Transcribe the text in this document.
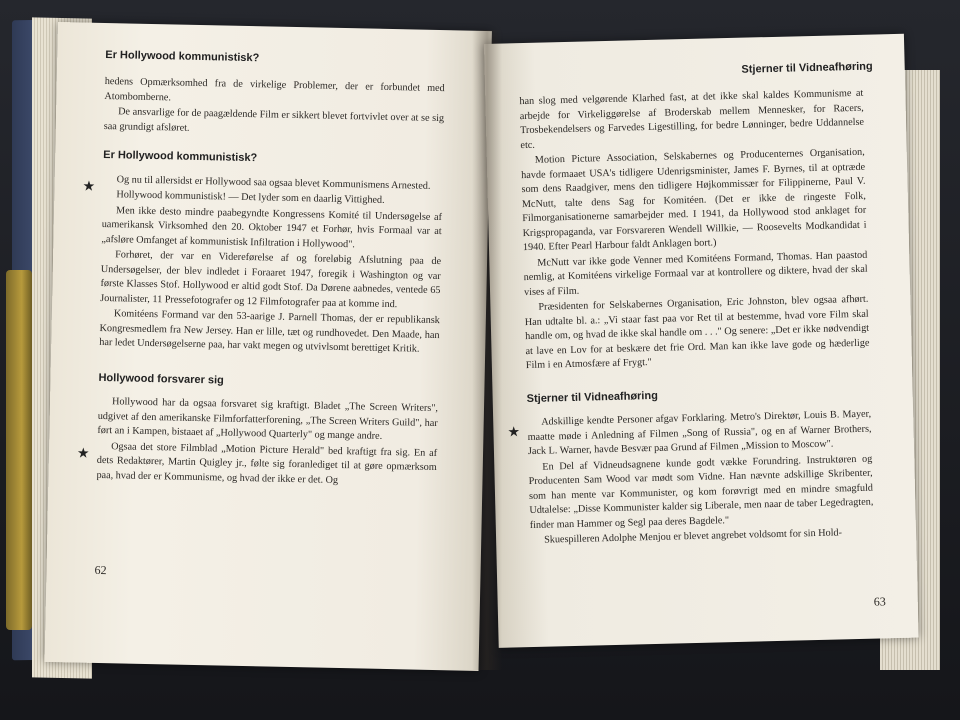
Er Hollywood kommunistisk?

hedens Opmærksomhed fra de virkelige Problemer, der er forbundet med Atombomberne.

De ansvarlige for de paagældende Film er sikkert blevet fortvivlet over at se sig saa grundigt afsløret.

Er Hollywood kommunistisk?

Og nu til allersidst er Hollywood saa ogsaa blevet Kommunismens Arnested.

Hollywood kommunistisk! — Det lyder som en daarlig Vittighed.

Men ikke desto mindre paabegyndte Kongressens Komité til Undersøgelse af uamerikansk Virksomhed den 20. Oktober 1947 et Forhør, hvis Formaal var at „afsløre Omfanget af kommunistisk Infiltration i Hollywood".

Forhøret, der var en Videreførelse af og foreløbig Afslutning paa de Undersøgelser, der blev indledet i Foraaret 1947, foregik i Washington og var første Klasses Stof. Hollywood er altid godt Stof. Da Dørene aabnedes, ventede 65 Journalister, 11 Pressefotografer og 12 Filmfotografer paa at komme ind.

Komitéens Formand var den 53-aarige J. Parnell Thomas, der er republikansk Kongresmedlem fra New Jersey. Han er lille, tæt og rundhovedet. Den Maade, han har ledet Undersøgelserne paa, har vakt megen og utvivlsomt berettiget Kritik.

Hollywood forsvarer sig

Hollywood har da ogsaa forsvaret sig kraftigt. Bladet „The Screen Writers", udgivet af den amerikanske Filmforfatterforening, „The Screen Writers Guild", har ført an i Kampen, bistaaet af „Hollywood Quarterly" og mange andre.

Ogsaa det store Filmblad „Motion Picture Herald" bed kraftigt fra sig. En af dets Redaktører, Martin Quigley jr., følte sig foranlediget til at gøre opmærksom paa, hvad der er Kommunisme, og hvad der ikke er det. Og

★
★
62
Stjerner til Vidneafhøring

han slog med velgørende Klarhed fast, at det ikke skal kaldes Kommunisme at arbejde for Virkeliggørelse af Broderskab mellem Mennesker, for Racers, Trosbekendelsers og Farvedes Ligestilling, for bedre Lønninger, bedre Uddannelse etc.

Motion Picture Association, Selskabernes og Producenternes Organisation, havde formaaet USA's tidligere Udenrigsminister, James F. Byrnes, til at optræde som dens Raadgiver, mens den tidligere Højkommissær for Filippinerne, Paul V. McNutt, talte dens Sag for Komitéen. (Det er ikke de ringeste Folk, Filmorganisationerne samarbejder med. I 1941, da Hollywood stod anklaget for Krigspropaganda, var Forsvareren Wendell Willkie, — Roosevelts Modkandidat i 1940. Efter Pearl Harbour faldt Anklagen bort.)

McNutt var ikke gode Venner med Komitéens Formand, Thomas. Han paastod nemlig, at Komitéens virkelige Formaal var at kontrollere og diktere, hvad der skal vises af Film.

Præsidenten for Selskabernes Organisation, Eric Johnston, blev ogsaa afhørt. Han udtalte bl. a.: „Vi staar fast paa vor Ret til at bestemme, hvad vore Film skal handle om, og hvad de ikke skal handle om . . ." Og senere: „Det er ikke nødvendigt at lave en Lov for at beskære det frie Ord. Man kan ikke lave gode og hæderlige Film i en Atmosfære af Frygt."

Stjerner til Vidneafhøring

Adskillige kendte Personer afgav Forklaring. Metro's Direktør, Louis B. Mayer, maatte møde i Anledning af Filmen „Song of Russia", og en af Warner Brothers, Jack L. Warner, havde Besvær paa Grund af Filmen „Mission to Moscow".

En Del af Vidneudsagnene kunde godt vække Forundring. Instruktøren og Producenten Sam Wood var mødt som Vidne. Han nævnte adskillige Skribenter, som han mente var Kommunister, og kom forøvrigt med en mindre smagfuld Udtalelse: „Disse Kommunister kalder sig Liberale, men naar de taber Legedragten, finder man Hammer og Segl paa deres Bagdele."

Skuespilleren Adolphe Menjou er blevet angrebet voldsomt for sin Hold-

★
63
